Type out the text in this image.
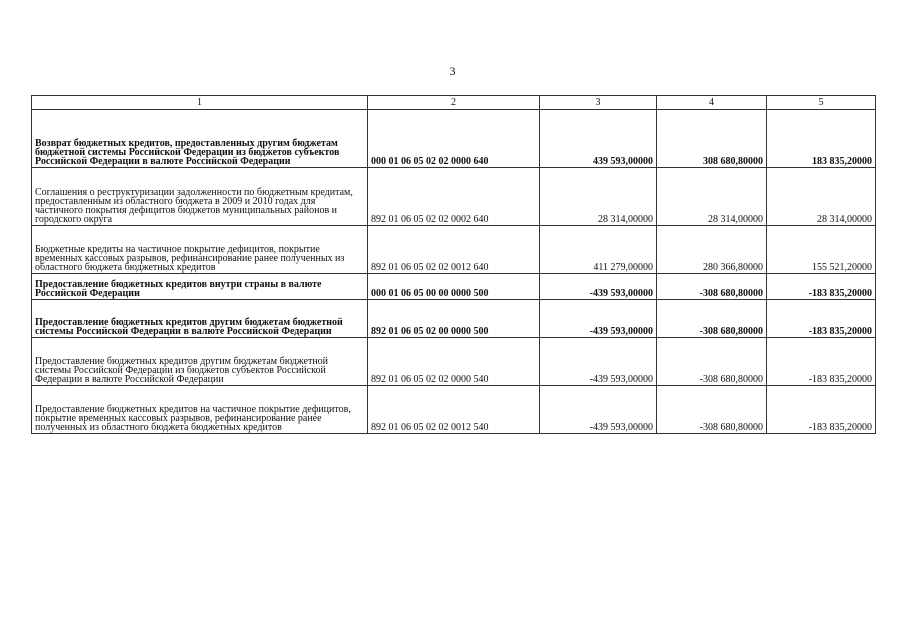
3
1	2	3	4	5
Возврат бюджетных кредитов, предоставленных другим бюджетам бюджетной системы Российской Федерации из бюджетов субъектов Российской Федерации в валюте Российской Федерации	000 01 06 05 02 02 0000 640	439 593,00000	308 680,80000	183 835,20000
Соглашения о реструктуризации задолженности по бюджетным кредитам, предоставленным из областного бюджета в 2009 и 2010 годах для частичного покрытия дефицитов бюджетов муниципальных районов и городского округа	892 01 06 05 02 02 0002 640	28 314,00000	28 314,00000	28 314,00000
Бюджетные кредиты на частичное покрытие дефицитов, покрытие временных кассовых разрывов, рефинансирование ранее полученных из областного бюджета бюджетных кредитов	892 01 06 05 02 02 0012 640	411 279,00000	280 366,80000	155 521,20000
Предоставление бюджетных кредитов внутри страны в валюте Российской Федерации	000 01 06 05 00 00 0000 500	-439 593,00000	-308 680,80000	-183 835,20000
Предоставление бюджетных кредитов другим бюджетам бюджетной системы Российской Федерации в валюте Российской Федерации	892 01 06 05 02 00 0000 500	-439 593,00000	-308 680,80000	-183 835,20000
Предоставление бюджетных кредитов другим бюджетам бюджетной системы Российской Федерации из бюджетов субъектов Российской Федерации в валюте Российской Федерации	892 01 06 05 02 02 0000 540	-439 593,00000	-308 680,80000	-183 835,20000
Предоставление бюджетных кредитов на частичное покрытие дефицитов, покрытие временных кассовых разрывов, рефинансирование ранее полученных из областного бюджета бюджетных кредитов	892 01 06 05 02 02 0012 540	-439 593,00000	-308 680,80000	-183 835,20000
